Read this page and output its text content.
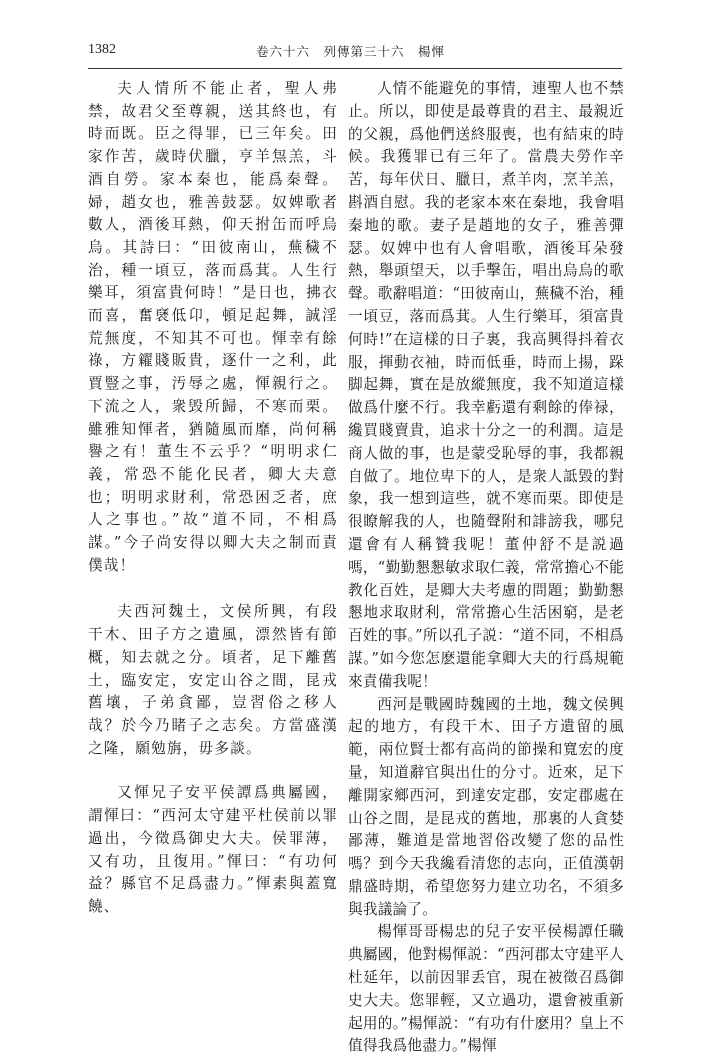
1382	卷六十六　列傳第三十六　楊惲

夫人情所不能止者，聖人弗禁，故君父至尊親，送其終也，有時而既。臣之得罪，已三年矣。田家作苦，歲時伏臘，亨羊炰羔，斗酒自勞。家本秦也，能爲秦聲。婦，趙女也，雅善鼓瑟。奴婢歌者數人，酒後耳熱，仰天拊缶而呼烏烏。其詩曰：“田彼南山，蕪穢不治，種一頃豆，落而爲萁。人生行樂耳，須富貴何時！”是日也，拂衣而喜，奮褎低卬，頓足起舞，誠淫荒無度，不知其不可也。惲幸有餘祿，方糴賤販貴，逐什一之利，此賈豎之事，汚辱之處，惲親行之。下流之人，衆毁所歸，不寒而栗。雖雅知惲者，猶隨風而靡，尚何稱譽之有！董生不云乎？“明明求仁義，常恐不能化民者，卿大夫意也；明明求財利，常恐困乏者，庶人之事也。”故“道不同，不相爲謀。”今子尚安得以卿大夫之制而責僕哉！

夫西河魏土，文侯所興，有段干木、田子方之遺風，漂然皆有節概，知去就之分。頃者，足下離舊土，臨安定，安定山谷之間，昆戎舊壤，子弟貪鄙，豈習俗之移人哉？於今乃睹子之志矣。方當盛漢之隆，願勉旃，毋多談。

又惲兄子安平侯譚爲典屬國，謂惲曰：“西河太守建平杜侯前以罪過出，今徵爲御史大夫。侯罪薄，又有功，且復用。”惲曰：“有功何益？縣官不足爲盡力。”惲素與蓋寬饒、

人情不能避免的事情，連聖人也不禁止。所以，即使是最尊貴的君主、最親近的父親，爲他們送終服喪，也有結束的時候。我獲罪已有三年了。當農夫勞作辛苦，每年伏日、臘日，煮羊肉，烹羊羔，斟酒自慰。我的老家本來在秦地，我會唱秦地的歌。妻子是趙地的女子，雅善彈瑟。奴婢中也有人會唱歌，酒後耳朵發熱，舉頭望天，以手擊缶，唱出烏烏的歌聲。歌辭唱道：“田彼南山，蕪穢不治，種一頃豆，落而爲萁。人生行樂耳，須富貴何時!”在這樣的日子裏，我高興得抖着衣服，揮動衣袖，時而低垂，時而上揚，跺脚起舞，實在是放縱無度，我不知道這樣做爲什麼不行。我幸虧還有剩餘的俸禄，纔買賤賣貴，追求十分之一的利潤。這是商人做的事，也是蒙受恥辱的事，我都親自做了。地位卑下的人，是衆人詆毀的對象，我一想到這些，就不寒而栗。即使是很瞭解我的人，也隨聲附和誹謗我，哪兒還會有人稱贊我呢！董仲舒不是説過嗎，“勤勤懇懇敏求取仁義，常常擔心不能教化百姓，是卿大夫考慮的問題；勤勤懇懇地求取財利，常常擔心生活困窮，是老百姓的事。”所以孔子説：“道不同，不相爲謀。”如今您怎麽還能拿卿大夫的行爲規範來責備我呢！

西河是戰國時魏國的土地，魏文侯興起的地方，有段干木、田子方遺留的風範，兩位賢士都有高尚的節操和寬宏的度量，知道辭官與出仕的分寸。近來，足下離開家鄉西河，到達安定郡，安定郡處在山谷之間，是昆戎的舊地，那裏的人貪婪鄙薄，難道是當地習俗改變了您的品性嗎？到今天我纔看清您的志向，正值漢朝鼎盛時期，希望您努力建立功名，不須多與我議論了。

楊惲哥哥楊忠的兒子安平侯楊譚任職典屬國，他對楊惲説：“西河郡太守建平人杜延年，以前因罪丢官，現在被徵召爲御史大夫。您罪輕，又立過功，還會被重新起用的。”楊惲説：“有功有什麽用？皇上不值得我爲他盡力。”楊惲
